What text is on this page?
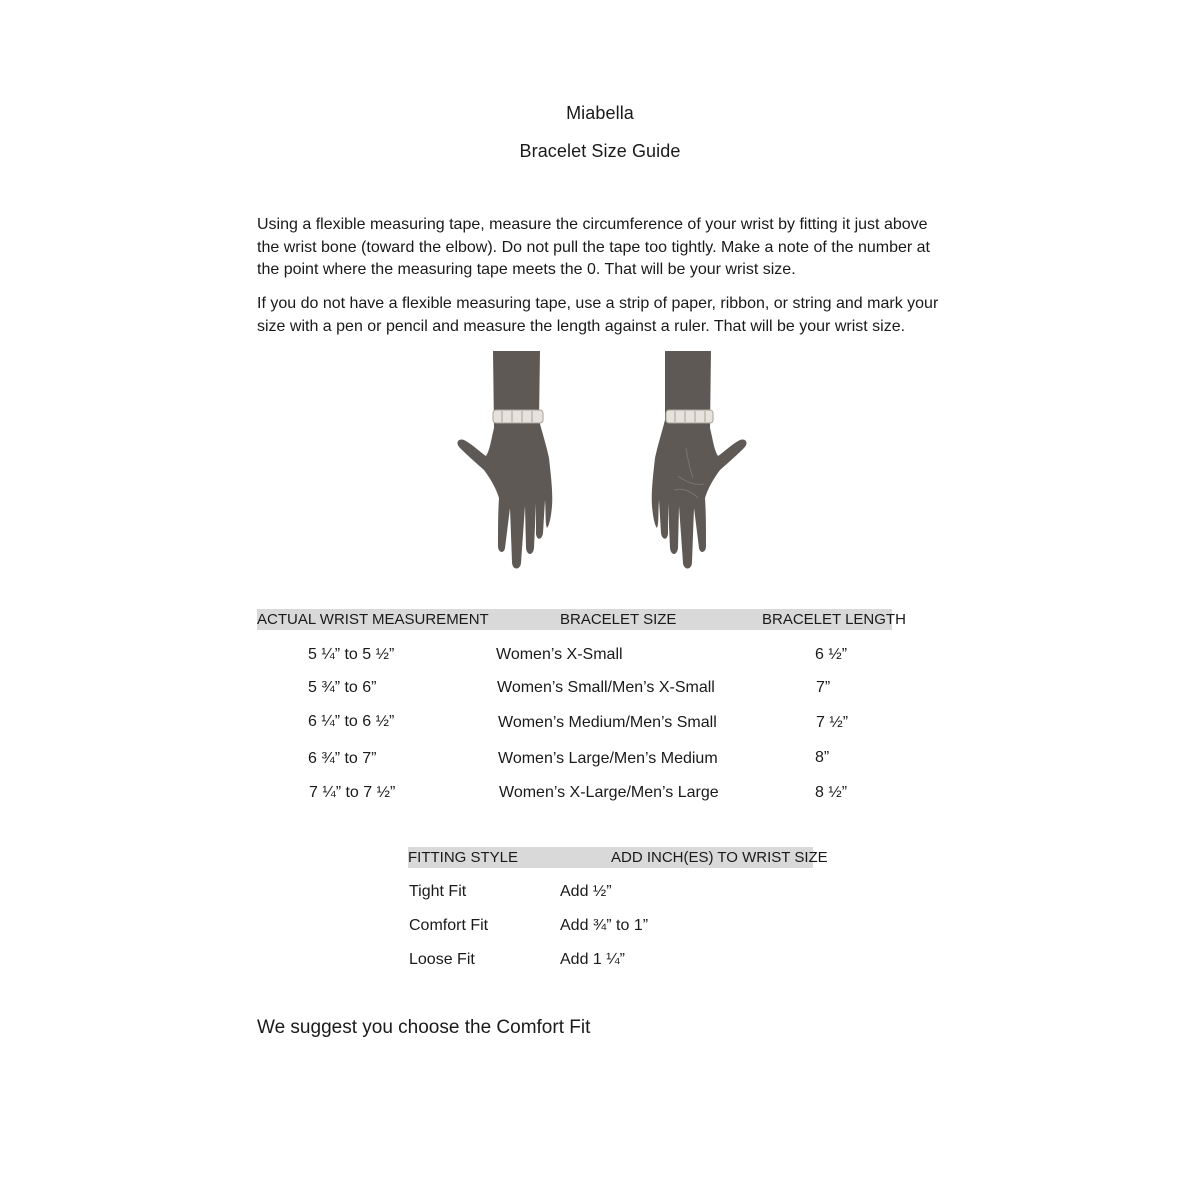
Miabella
Bracelet Size Guide

Using a flexible measuring tape, measure the circumference of your wrist by fitting it just above the wrist bone (toward the elbow). Do not pull the tape too tightly. Make a note of the number at the point where the measuring tape meets the 0. That will be your wrist size.

If you do not have a flexible measuring tape, use a strip of paper, ribbon, or string and mark your size with a pen or pencil and measure the length against a ruler. That will be your wrist size.

ACTUAL WRIST MEASUREMENT	BRACELET SIZE	BRACELET LENGTH
5 ¼” to 5 ½”	Women’s X-Small	6 ½”
5 ¾” to 6”	Women’s Small/Men’s X-Small	7”
6 ¼” to 6 ½”	Women’s Medium/Men’s Small	7 ½”
6 ¾” to 7”	Women’s Large/Men’s Medium	8”
7 ¼” to 7 ½”	Women’s X-Large/Men’s Large	8 ½”
FITTING STYLE	ADD INCH(ES) TO WRIST SIZE
Tight Fit	Add ½”
Comfort Fit	Add ¾” to 1”
Loose Fit	Add 1 ¼”
We suggest you choose the Comfort Fit
